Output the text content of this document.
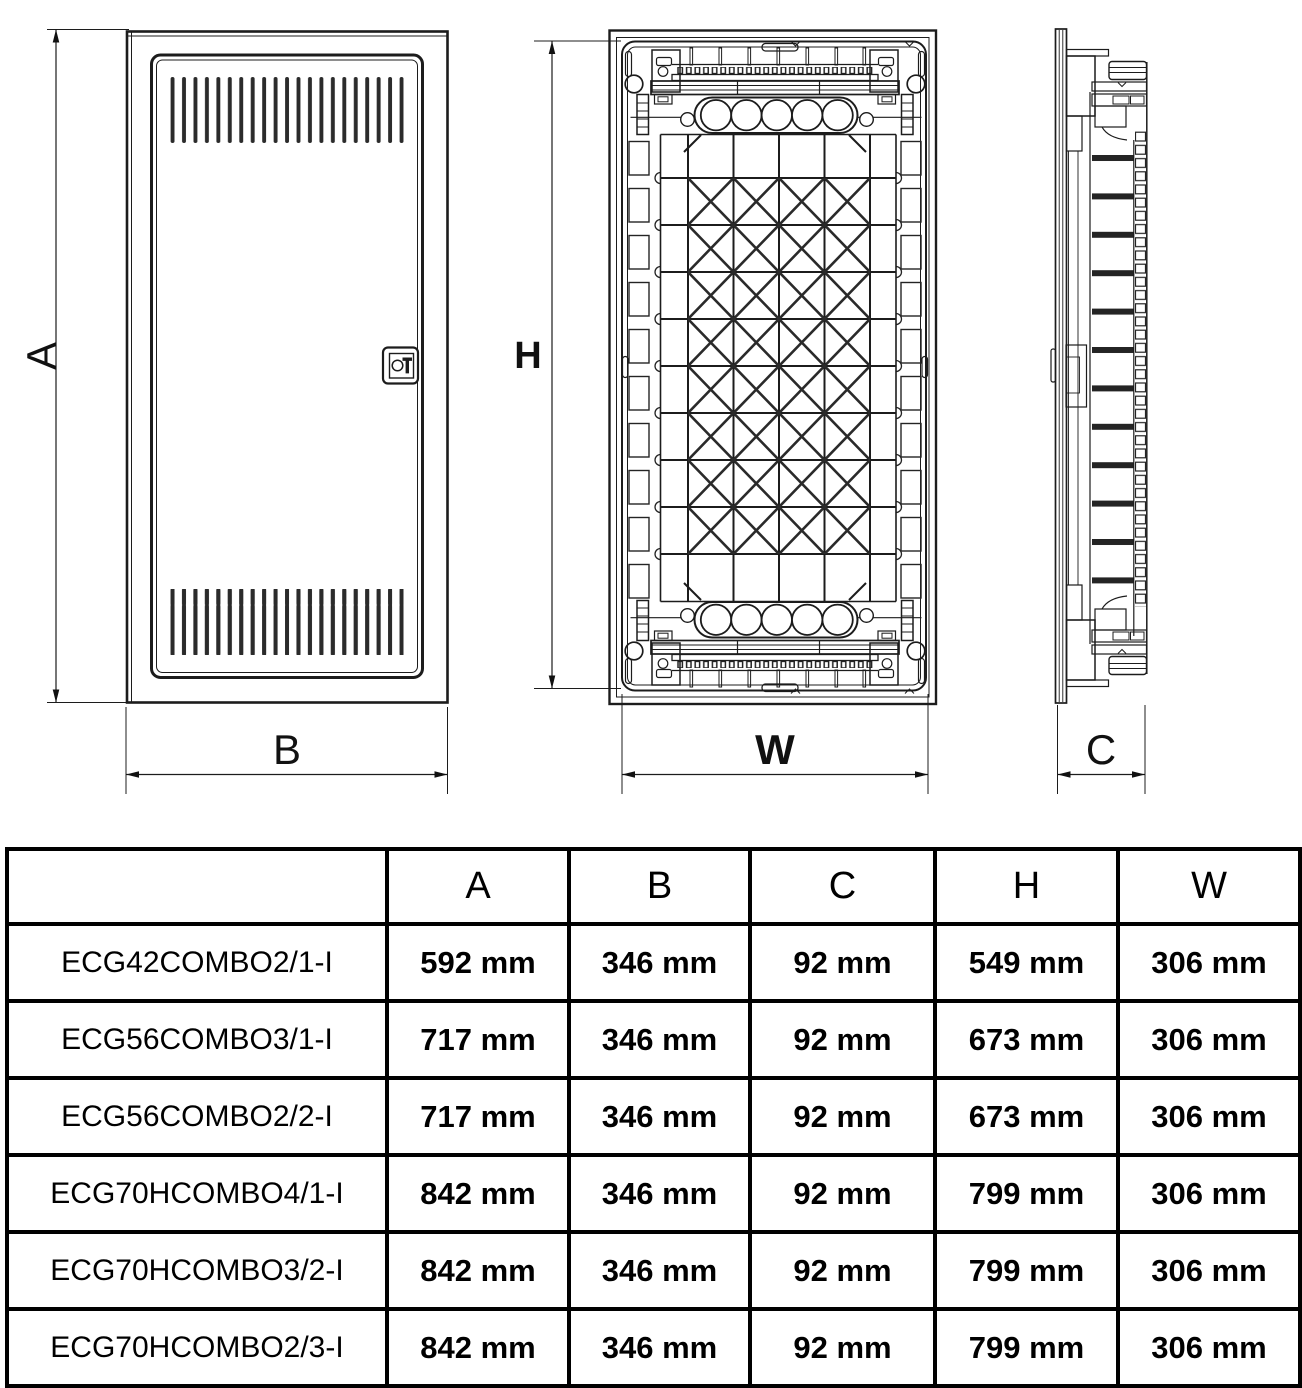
A
B
H
W	C
	A	B	C	H	W
ECG42COMBO2/1-I	592 mm	346 mm	92 mm	549 mm	306 mm
ECG56COMBO3/1-I	717 mm	346 mm	92 mm	673 mm	306 mm
ECG56COMBO2/2-I	717 mm	346 mm	92 mm	673 mm	306 mm
ECG70HCOMBO4/1-I	842 mm	346 mm	92 mm	799 mm	306 mm
ECG70HCOMBO3/2-I	842 mm	346 mm	92 mm	799 mm	306 mm
ECG70HCOMBO2/3-I	842 mm	346 mm	92 mm	799 mm	306 mm
